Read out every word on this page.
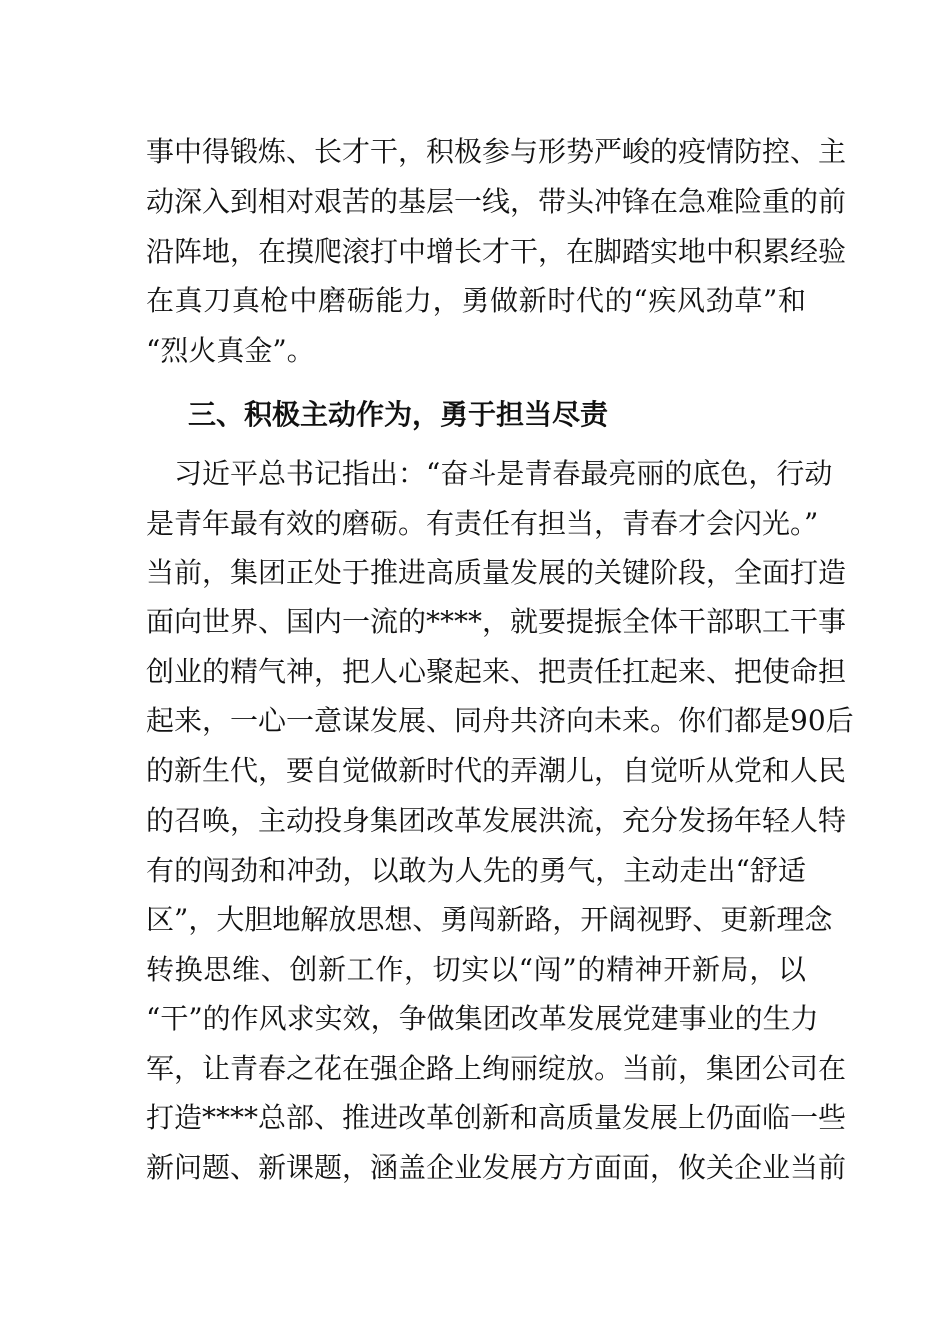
事中得锻炼、长才干，积极参与形势严峻的疫情防控、主
动深入到相对艰苦的基层一线，带头冲锋在急难险重的前
沿阵地，在摸爬滚打中增长才干，在脚踏实地中积累经验
在真刀真枪中磨砺能力，勇做新时代的“疾风劲草”和
“烈火真金”。
三、积极主动作为，勇于担当尽责
习近平总书记指出：“奋斗是青春最亮丽的底色，行动
是青年最有效的磨砺。有责任有担当，青春才会闪光。”
当前，集团正处于推进高质量发展的关键阶段，全面打造
面向世界、国内一流的****，就要提振全体干部职工干事
创业的精气神，把人心聚起来、把责任扛起来、把使命担
起来，一心一意谋发展、同舟共济向未来。你们都是90后
的新生代，要自觉做新时代的弄潮儿，自觉听从党和人民
的召唤，主动投身集团改革发展洪流，充分发扬年轻人特
有的闯劲和冲劲，以敢为人先的勇气，主动走出“舒适
区”，大胆地解放思想、勇闯新路，开阔视野、更新理念
转换思维、创新工作，切实以“闯”的精神开新局，以
“干”的作风求实效，争做集团改革发展党建事业的生力
军，让青春之花在强企路上绚丽绽放。当前，集团公司在
打造****总部、推进改革创新和高质量发展上仍面临一些
新问题、新课题，涵盖企业发展方方面面，攸关企业当前
